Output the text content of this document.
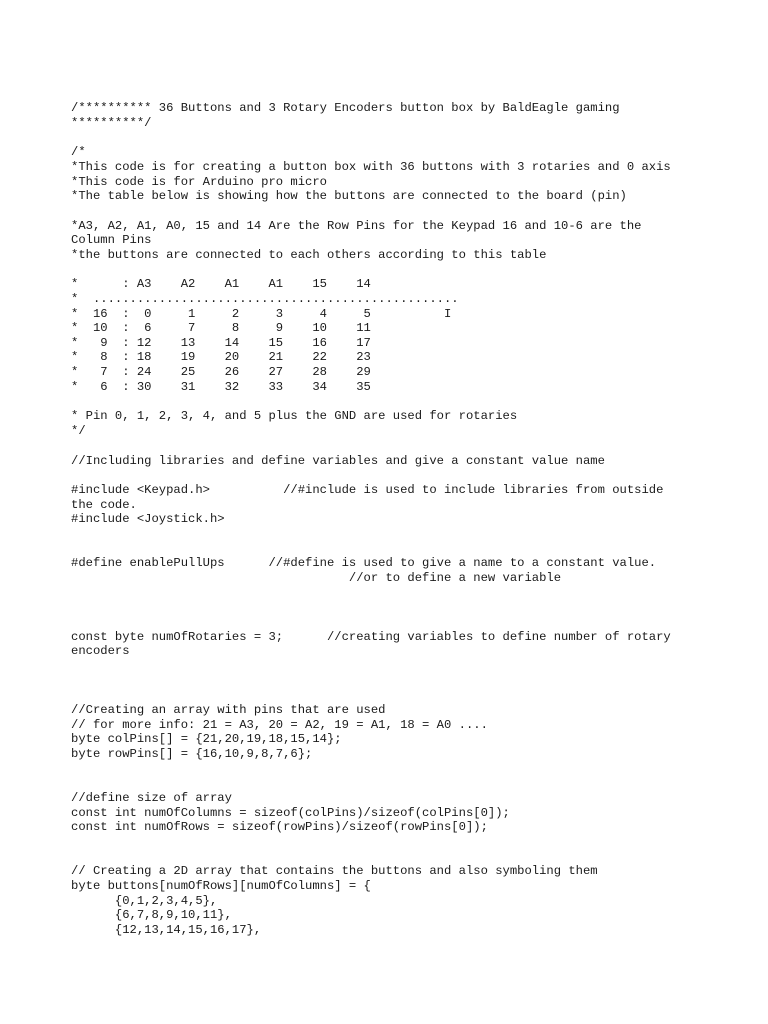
/********** 36 Buttons and 3 Rotary Encoders button box by BaldEagle gaming

**********/

/*

*This code is for creating a button box with 36 buttons with 3 rotaries and 0 axis

*This code is for Arduino pro micro

*The table below is showing how the buttons are connected to the board (pin)

*A3, A2, A1, A0, 15 and 14 Are the Row Pins for the Keypad 16 and 10-6 are the

Column Pins

*the buttons are connected to each others according to this table

*      : A3    A2    A1    A1    15    14

*  ..................................................

*  16  :  0     1     2     3     4     5          I

*  10  :  6     7     8     9    10    11

*   9  : 12    13    14    15    16    17

*   8  : 18    19    20    21    22    23

*   7  : 24    25    26    27    28    29

*   6  : 30    31    32    33    34    35

* Pin 0, 1, 2, 3, 4, and 5 plus the GND are used for rotaries

*/

//Including libraries and define variables and give a constant value name

#include <Keypad.h>          //#include is used to include libraries from outside

the code.

#include <Joystick.h>

#define enablePullUps      //#define is used to give a name to a constant value.

//or to define a new variable

const byte numOfRotaries = 3;      //creating variables to define number of rotary

encoders

//Creating an array with pins that are used

// for more info: 21 = A3, 20 = A2, 19 = A1, 18 = A0 ....

byte colPins[] = {21,20,19,18,15,14};

byte rowPins[] = {16,10,9,8,7,6};

//define size of array

const int numOfColumns = sizeof(colPins)/sizeof(colPins[0]);

const int numOfRows = sizeof(rowPins)/sizeof(rowPins[0]);

// Creating a 2D array that contains the buttons and also symboling them

byte buttons[numOfRows][numOfColumns] = {

{0,1,2,3,4,5},

{6,7,8,9,10,11},

{12,13,14,15,16,17},
